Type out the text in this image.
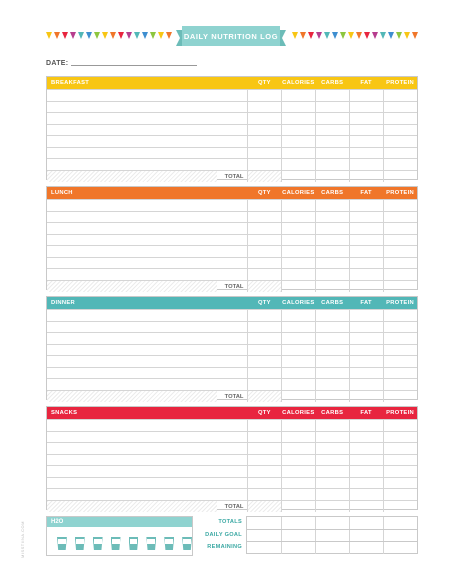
DAILY NUTRITION LOG
DATE:
BREAKFAST	QTY	CALORIES	CARBS	FAT	PROTEIN
TOTAL
LUNCH	QTY	CALORIES	CARBS	FAT	PROTEIN
TOTAL
DINNER	QTY	CALORIES	CARBS	FAT	PROTEIN
TOTAL
SNACKS	QTY	CALORIES	CARBS	FAT	PROTEIN
TOTAL
H2O	TOTALS
DAILY GOAL
REMAINING
MISSTIINA.COM
